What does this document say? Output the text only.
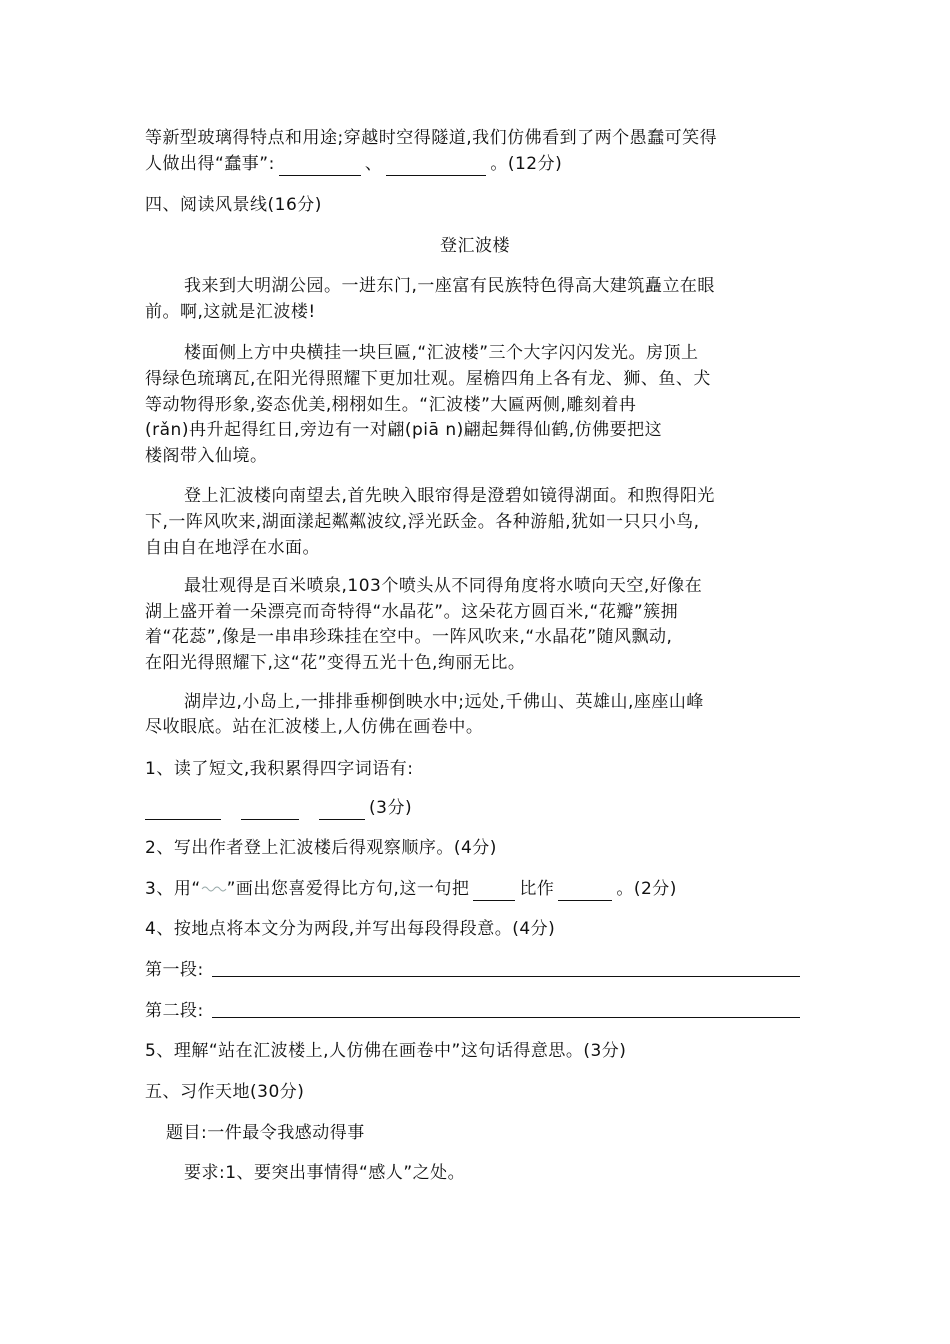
等新型玻璃得特点和用途;穿越时空得隧道,我们仿佛看到了两个愚蠢可笑得
人做出得“蠢事”:	、	。(12分)
四、阅读风景线(16分)
登汇波楼
我来到大明湖公园。一进东门,一座富有民族特色得高大建筑矗立在眼
前。啊,这就是汇波楼!
楼面侧上方中央横挂一块巨匾,“汇波楼”三个大字闪闪发光。房顶上
得绿色琉璃瓦,在阳光得照耀下更加壮观。屋檐四角上各有龙、狮、鱼、犬
等动物得形象,姿态优美,栩栩如生。“汇波楼”大匾两侧,雕刻着冉
(rǎn)冉升起得红日,旁边有一对翩(piā n)翩起舞得仙鹤,仿佛要把这
楼阁带入仙境。
登上汇波楼向南望去,首先映入眼帘得是澄碧如镜得湖面。和煦得阳光
下,一阵风吹来,湖面漾起粼粼波纹,浮光跃金。各种游船,犹如一只只小鸟,
自由自在地浮在水面。
最壮观得是百米喷泉,103个喷头从不同得角度将水喷向天空,好像在
湖上盛开着一朵漂亮而奇特得“水晶花”。这朵花方圆百米,“花瓣”簇拥
着“花蕊”,像是一串串珍珠挂在空中。一阵风吹来,“水晶花”随风飘动,
在阳光得照耀下,这“花”变得五光十色,绚丽无比。
湖岸边,小岛上,一排排垂柳倒映水中;远处,千佛山、英雄山,座座山峰
尽收眼底。站在汇波楼上,人仿佛在画卷中。
1、读了短文,我积累得四字词语有:
(3分)
2、写出作者登上汇波楼后得观察顺序。(4分)
3、用“ ”画出您喜爱得比方句,这一句把	比作	。(2分)
4、按地点将本文分为两段,并写出每段得段意。(4分)
第一段:
第二段:
5、理解“站在汇波楼上,人仿佛在画卷中”这句话得意思。(3分)
五、习作天地(30分)
题目:一件最令我感动得事
要求:1、要突出事情得“感人”之处。
